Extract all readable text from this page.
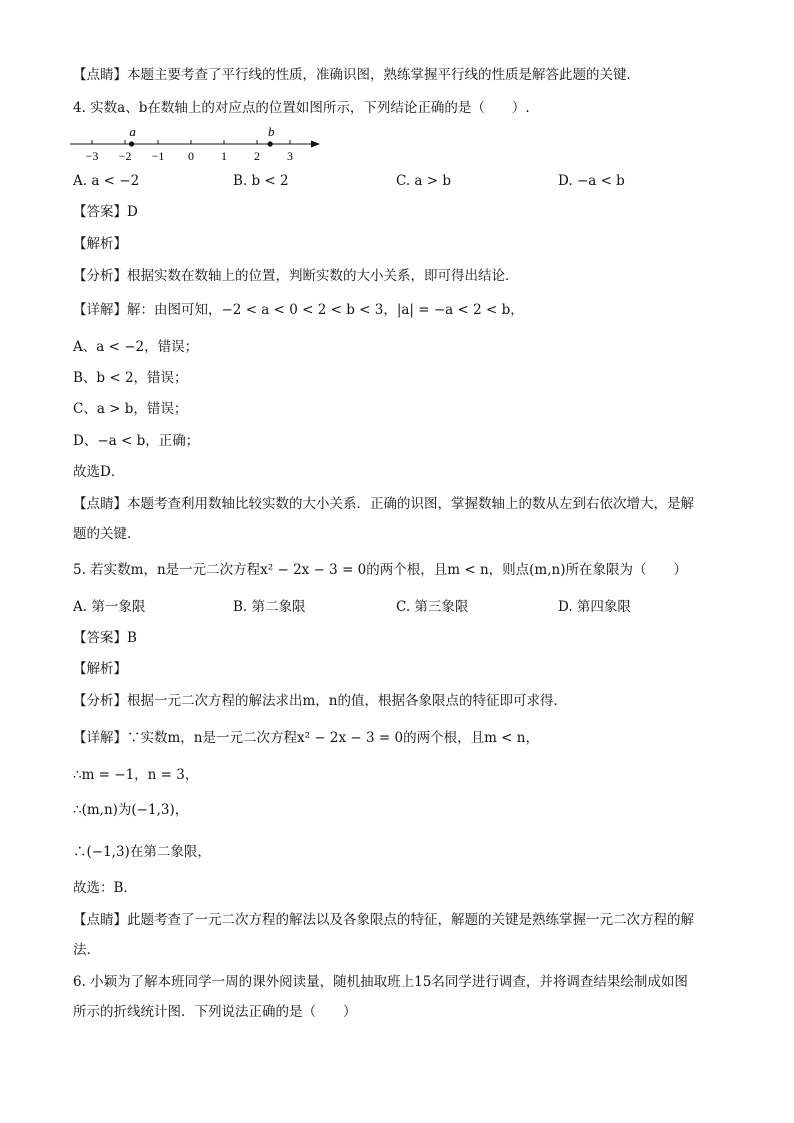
【点睛】本题主要考查了平行线的性质，准确识图，熟练掌握平行线的性质是解答此题的关键．
4. 实数a、b在数轴上的对应点的位置如图所示，下列结论正确的是（　　）.
【答案】D
【解析】
【分析】根据实数在数轴上的位置，判断实数的大小关系，即可得出结论．
【详解】解：由图可知，−2 < a < 0 < 2 < b < 3，|a| = −a < 2 < b，
A、a < −2，错误；
B、b < 2，错误；
C、a > b，错误；
D、−a < b，正确；
故选D．
【点睛】本题考查利用数轴比较实数的大小关系．正确的识图，掌握数轴上的数从左到右依次增大，是解
题的关键．
5. 若实数m，n是一元二次方程x² − 2x − 3 = 0的两个根，且m < n，则点(m,n)所在象限为（　　）
【答案】B
【解析】
【分析】根据一元二次方程的解法求出m，n的值，根据各象限点的特征即可求得．
【详解】∵实数m，n是一元二次方程x² − 2x − 3 = 0的两个根，且m < n，
∴m = −1，n = 3，
∴(m,n)为(−1,3)，
∴(−1,3)在第二象限，
故选：B．
【点睛】此题考查了一元二次方程的解法以及各象限点的特征，解题的关键是熟练掌握一元二次方程的解
法．
6. 小颖为了解本班同学一周的课外阅读量，随机抽取班上15名同学进行调查，并将调查结果绘制成如图
所示的折线统计图．下列说法正确的是（　　）
A. a < −2	B. b < 2	C. a > b	D. −a < b
A. 第一象限	B. 第二象限	C. 第三象限	D. 第四象限
−3 −2 −1 0 1 2 3
a	b
